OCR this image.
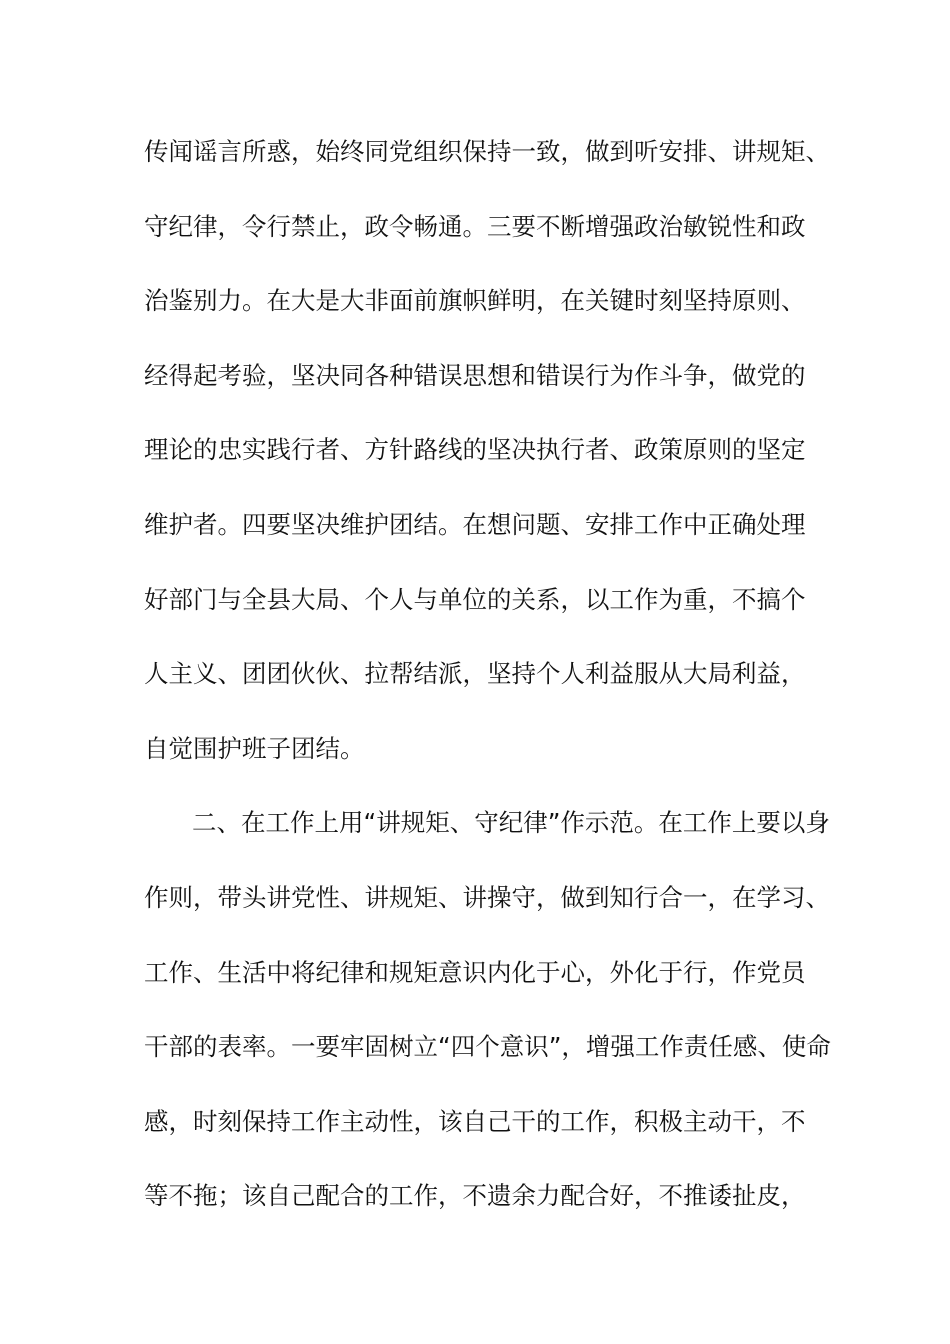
传闻谣言所惑，始终同党组织保持一致，做到听安排、讲规矩、
守纪律，令行禁止，政令畅通。三要不断增强政治敏锐性和政
治鉴别力。在大是大非面前旗帜鲜明，在关键时刻坚持原则、
经得起考验，坚决同各种错误思想和错误行为作斗争，做党的
理论的忠实践行者、方针路线的坚决执行者、政策原则的坚定
维护者。四要坚决维护团结。在想问题、安排工作中正确处理
好部门与全县大局、个人与单位的关系，以工作为重，不搞个
人主义、团团伙伙、拉帮结派，坚持个人利益服从大局利益，
自觉围护班子团结。
二、在工作上用“讲规矩、守纪律”作示范。在工作上要以身
作则，带头讲党性、讲规矩、讲操守，做到知行合一，在学习、
工作、生活中将纪律和规矩意识内化于心，外化于行，作党员
干部的表率。一要牢固树立“四个意识”，增强工作责任感、使命
感，时刻保持工作主动性，该自己干的工作，积极主动干，不
等不拖；该自己配合的工作，不遗余力配合好，不推诿扯皮，
